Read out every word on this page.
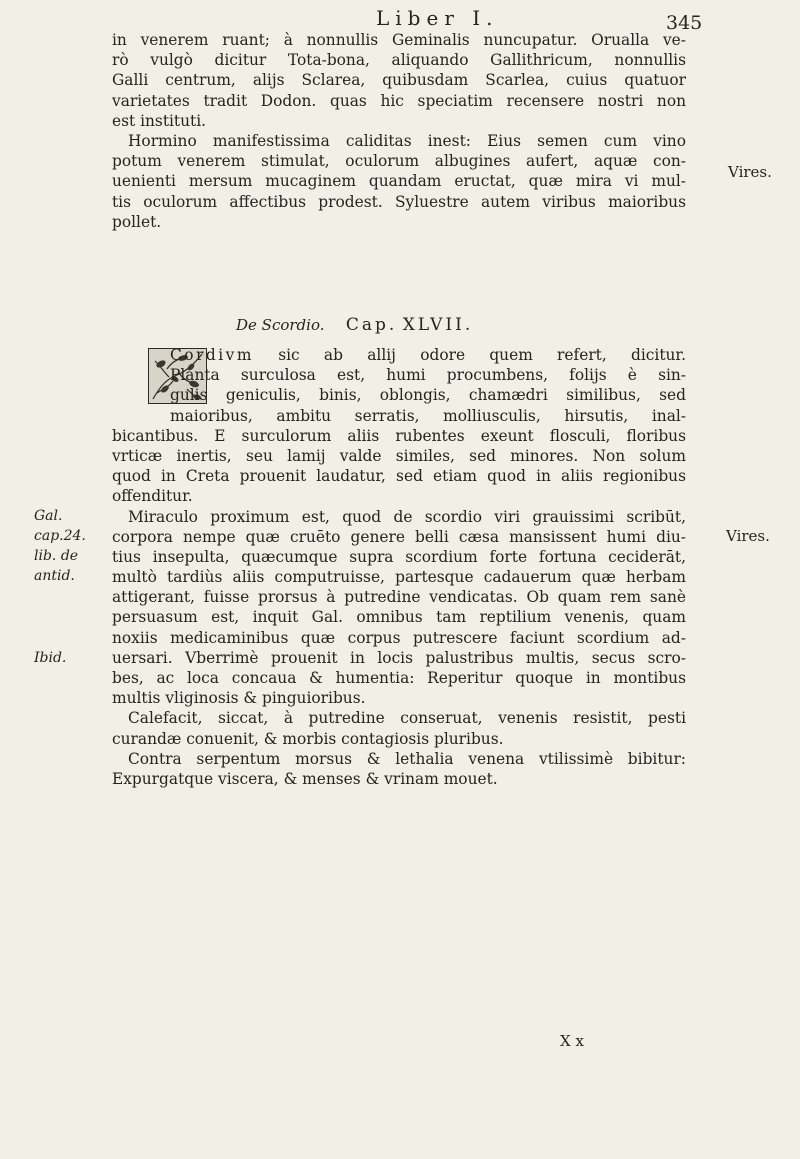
Liber I.	345
in venerem ruant; à nonnullis Geminalis nuncupatur. Orualla ve-
rò vulgò dicitur Tota-bona, aliquando Gallithricum, nonnullis
Galli centrum, alijs Sclarea, quibusdam Scarlea, cuius quatuor
varietates tradit Dodon. quas hic speciatim recensere nostri non
est instituti.
Hormino manifestissima caliditas inest: Eius semen cum vino
potum venerem stimulat, oculorum albugines aufert, aquæ con-
uenienti mersum mucaginem quandam eructat, quæ mira vi mul-
tis oculorum affectibus prodest. Syluestre autem viribus maioribus
pollet.
De Scordio. Cap. XLVII.
Cordivm sic ab allij odore quem refert, dicitur.
Planta surculosa est, humi procumbens, folijs è sin-
gulis geniculis, binis, oblongis, chamædri similibus, sed
maioribus, ambitu serratis, molliusculis, hirsutis, inal-
bicantibus. E surculorum aliis rubentes exeunt flosculi, floribus
vrticæ inertis, seu lamij valde similes, sed minores. Non solum
quod in Creta prouenit laudatur, sed etiam quod in aliis regionibus
offenditur.
Miraculo proximum est, quod de scordio viri grauissimi scribūt,
corpora nempe quæ cruēto genere belli cæsa mansissent humi diu-
tius insepulta, quæcumque supra scordium forte fortuna ceciderāt,
multò tardiùs aliis computruisse, partesque cadauerum quæ herbam
attigerant, fuisse prorsus à putredine vendicatas. Ob quam rem sanè
persuasum est, inquit Gal. omnibus tam reptilium venenis, quam
noxiis medicaminibus quæ corpus putrescere faciunt scordium ad-
uersari. Vberrimè prouenit in locis palustribus multis, secus scro-
bes, ac loca concaua & humentia: Reperitur quoque in montibus
multis vliginosis & pinguioribus.
Calefacit, siccat, à putredine conseruat, venenis resistit, pesti
curandæ conuenit, & morbis contagiosis pluribus.
Contra serpentum morsus & lethalia venena vtilissimè bibitur:
Expurgatque viscera, & menses & vrinam mouet.
Gal.
cap.24.
lib. de
antid.
Ibid.
Vires.
Vires.
X x
